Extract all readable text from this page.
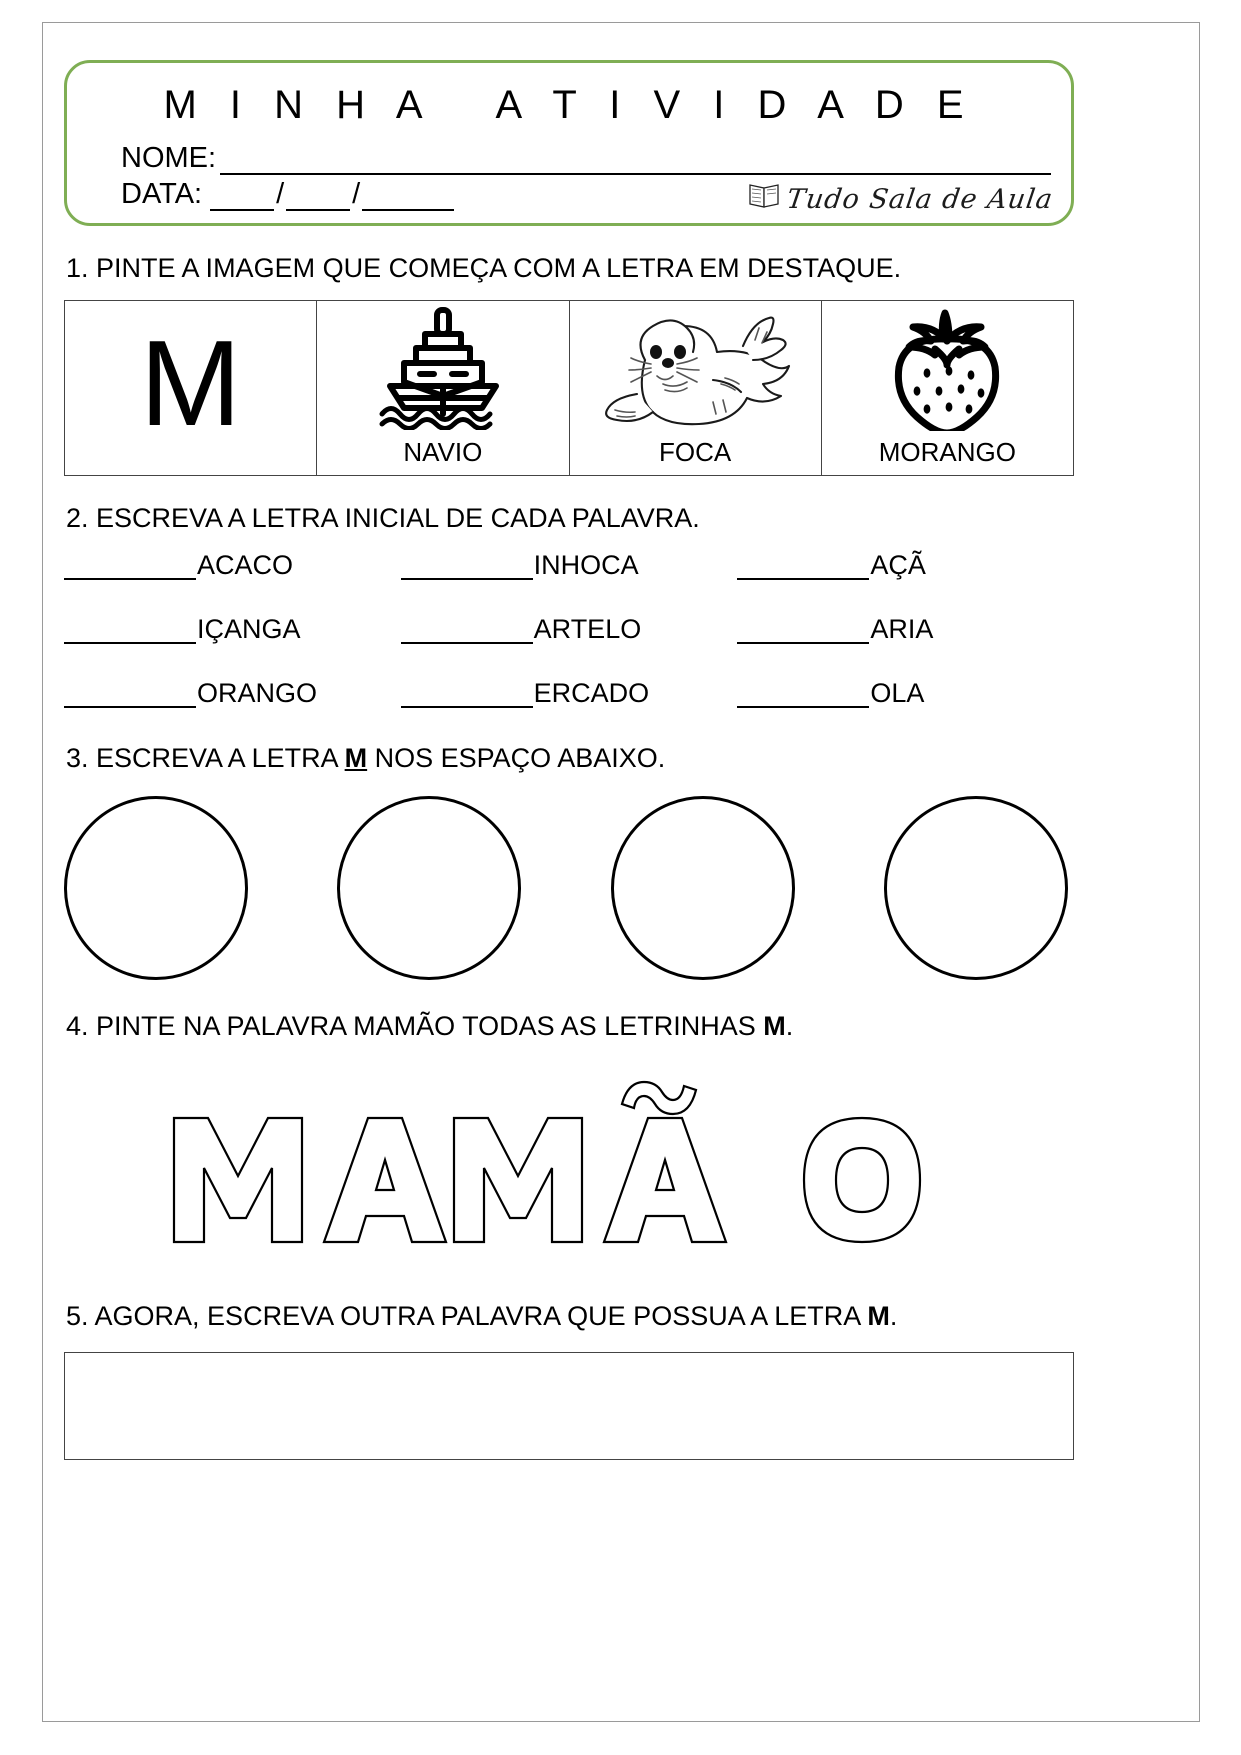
M I N H A   A T I V I D A D E
NOME:
DATA:	/ /	Tudo Sala de Aula

1. PINTE A IMAGEM QUE COMEÇA COM A LETRA EM DESTAQUE.

M
NAVIO	FOCA	MORANGO

2. ESCREVA A LETRA INICIAL DE CADA PALAVRA.

ACACO	INHOCA	AÇÃ
IÇANGA	ARTELO	ARIA
ORANGO	ERCADO	OLA

3. ESCREVA A LETRA M NOS ESPAÇO ABAIXO.

4. PINTE NA PALAVRA MAMÃO TODAS AS LETRINHAS M.

5. AGORA, ESCREVA OUTRA PALAVRA QUE POSSUA A LETRA M.
